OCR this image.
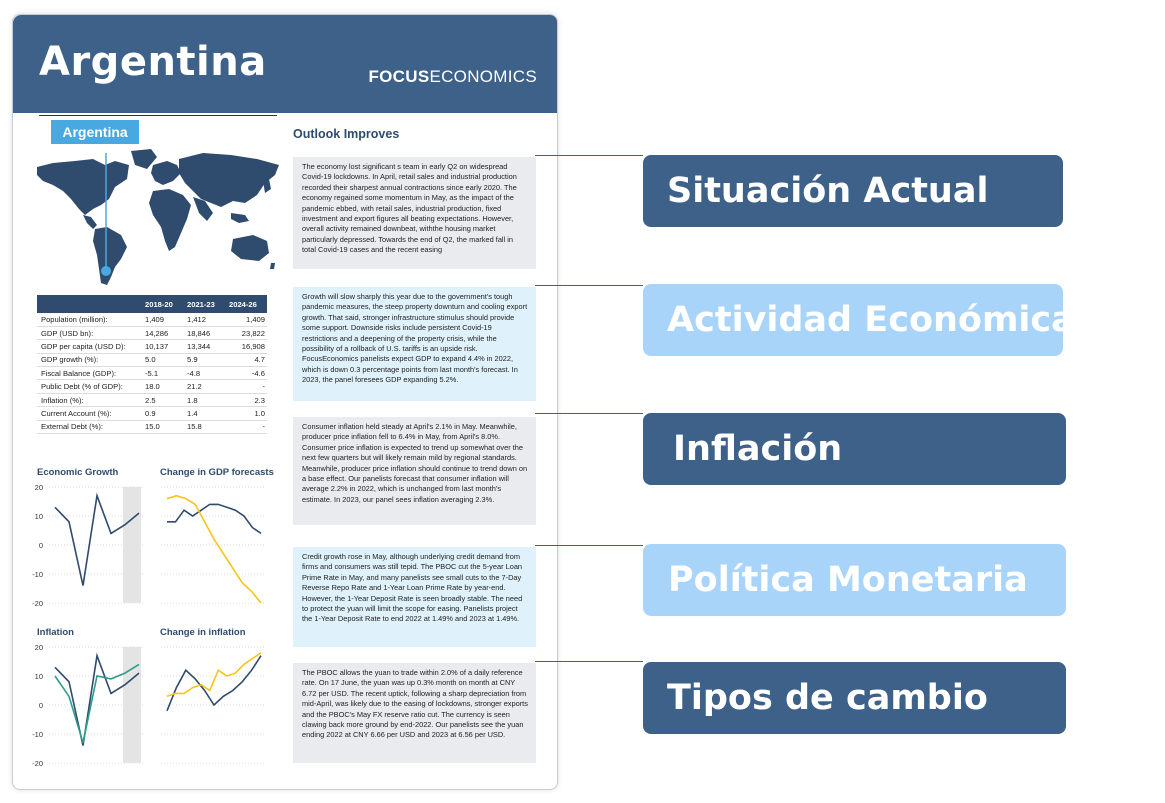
Argentina	FOCUSECONOMICS
Argentina
	2018-20	2021-23	2024-26
Population (million):	1,409	1,412	1,409
GDP (USD bn):	14,286	18,846	23,822
GDP per capita (USD D):	10,137	13,344	16,908
GDP growth (%):	5.0	5.9	4.7
Fiscal Balance (GDP):	-5.1	-4.8	-4.6
Public Debt (% of GDP):	18.0	21.2	-
Inflation (%):	2.5	1.8	2.3
Current Account (%):	0.9	1.4	1.0
External Debt (%):	15.0	15.8	-
Economic Growth
20
10
0
-10
-20
Change in GDP forecasts
Inflation
20
10
0
-10
-20
Change in inflation
Outlook Improves
The economy lost significant s team in early Q2 on widespread Covid-19 lockdowns. In April, retail sales and industrial production recorded their sharpest annual contractions since early 2020. The economy regained some momentum in May, as the impact of the pandemic ebbed, with retail sales, industrial production, fixed investment and export figures all beating expectations. However, overall activity remained downbeat, withthe housing market particularly depressed. Towards the end of Q2, the marked fall in total Covid-19 cases and the recent easing
Growth will slow sharply this year due to the government's tough pandemic measures, the steep property downturn and cooling export growth. That said, stronger infrastructure stimulus should provide some support. Downside risks include persistent Covid-19 restrictions and a deepening of the property crisis, while the possibility of a rollback of U.S. tariffs is an upside risk. FocusEconomics panelists expect GDP to expand 4.4% in 2022, which is down 0.3 percentage points from last month's forecast. In 2023, the panel foresees GDP expanding 5.2%.
Consumer inflation held steady at April's 2.1% in May. Meanwhile, producer price inflation fell to 6.4% in May, from April's 8.0%. Consumer price inflation is expected to trend up somewhat over the next few quarters but will likely remain mild by regional standards. Meanwhile, producer price inflation should continue to trend down on a base effect. Our panelists forecast that consumer inflation will average 2.2% in 2022, which is unchanged from last month's estimate. In 2023, our panel sees inflation averaging 2.3%.
Credit growth rose in May, although underlying credit demand from firms and consumers was still tepid. The PBOC cut the 5-year Loan Prime Rate in May, and many panelists see small cuts to the 7-Day Reverse Repo Rate and 1-Year Loan Prime Rate by year-end. However, the 1-Year Deposit Rate is seen broadly stable. The need to protect the yuan will limit the scope for easing. Panelists project the 1-Year Deposit Rate to end 2022 at 1.49% and 2023 at 1.49%.
The PBOC allows the yuan to trade within 2.0% of a daily reference rate. On 17 June, the yuan was up 0.3% month on month at CNY 6.72 per USD. The recent uptick, following a sharp depreciation from mid-April, was likely due to the easing of lockdowns, stronger exports and the PBOC's May FX reserve ratio cut. The currency is seen clawing back more ground by end-2022. Our panelists see the yuan ending 2022 at CNY 6.66 per USD and 2023 at 6.56 per USD.
Situación Actual
Actividad Económica
Inflación
Política Monetaria
Tipos de cambio
